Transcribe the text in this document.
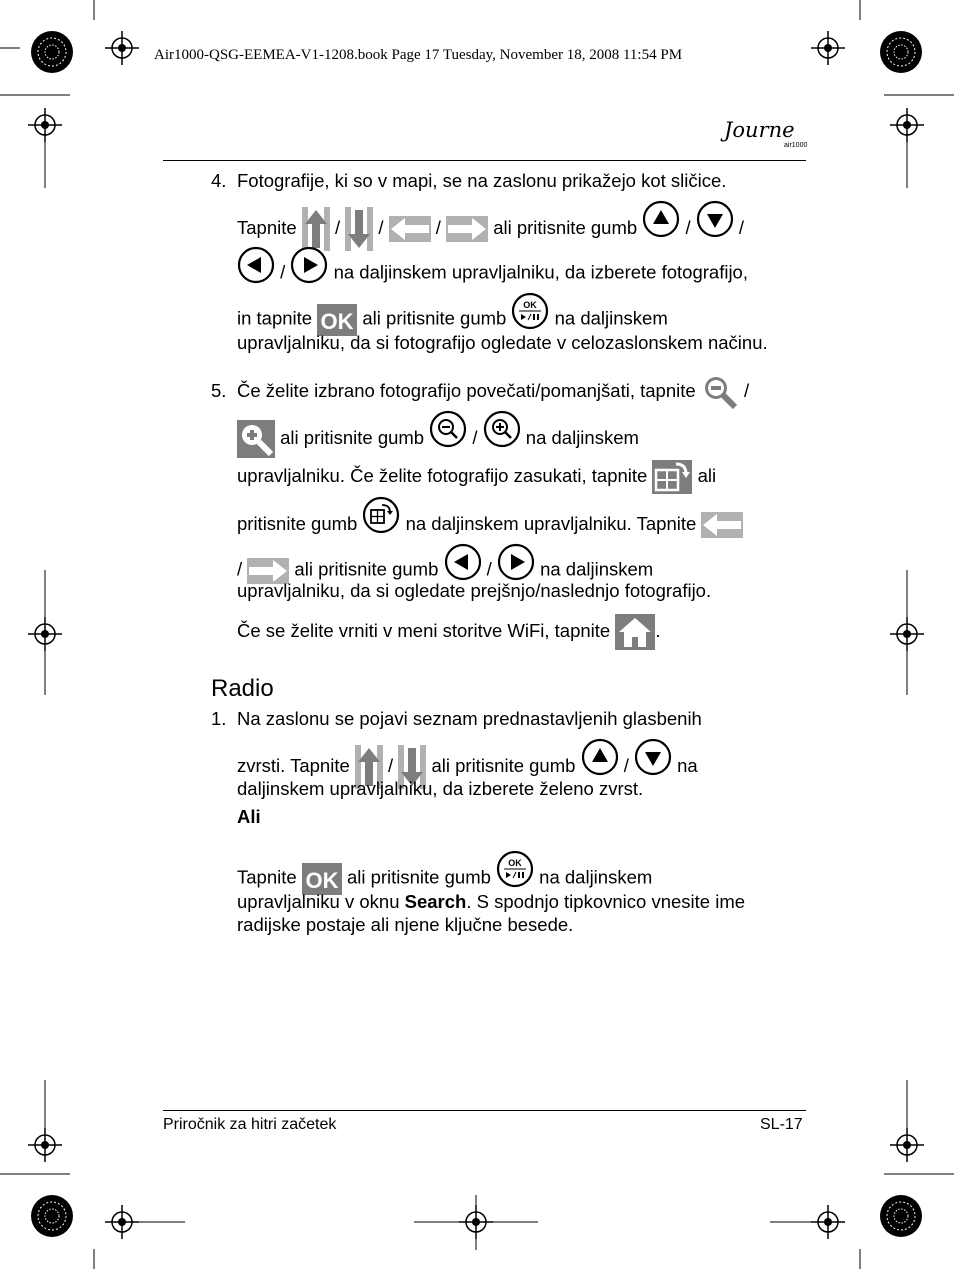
Air1000-QSG-EEMEA-V1-1208.book Page 17 Tuesday, November 18, 2008 11:54 PM
Journe
air1000
4. Fotografije, ki so v mapi, se na zaslonu prikažejo kot sličice.
Tapnite / /	/	ali pritisnite gumb	/	/
/	na daljinskem upravljalniku, da izberete fotografijo,
in tapnite OK ali pritisnite gumb
OK
na daljinskem
upravljalniku, da si fotografijo ogledate v celozaslonskem načinu.
5. Če želite izbrano fotografijo povečati/pomanjšati, tapnite	/
ali pritisnite gumb	/	na daljinskem
upravljalniku. Če želite fotografijo zasukati, tapnite	ali
pritisnite gumb	na daljinskem upravljalniku. Tapnite
/	ali pritisnite gumb	/	na daljinskem
upravljalniku, da si ogledate prejšnjo/naslednjo fotografijo.
Če se želite vrniti v meni storitve WiFi, tapnite .
Radio
1. Na zaslonu se pojavi seznam prednastavljenih glasbenih
zvrsti. Tapnite / ali pritisnite gumb	/	na
daljinskem upravljalniku, da izberete želeno zvrst.
Ali
Tapnite OK ali pritisnite gumb
OK
na daljinskem
upravljalniku v oknu Search. S spodnjo tipkovnico vnesite ime
radijske postaje ali njene ključne besede.
Priročnik za hitri začetek	SL-17
